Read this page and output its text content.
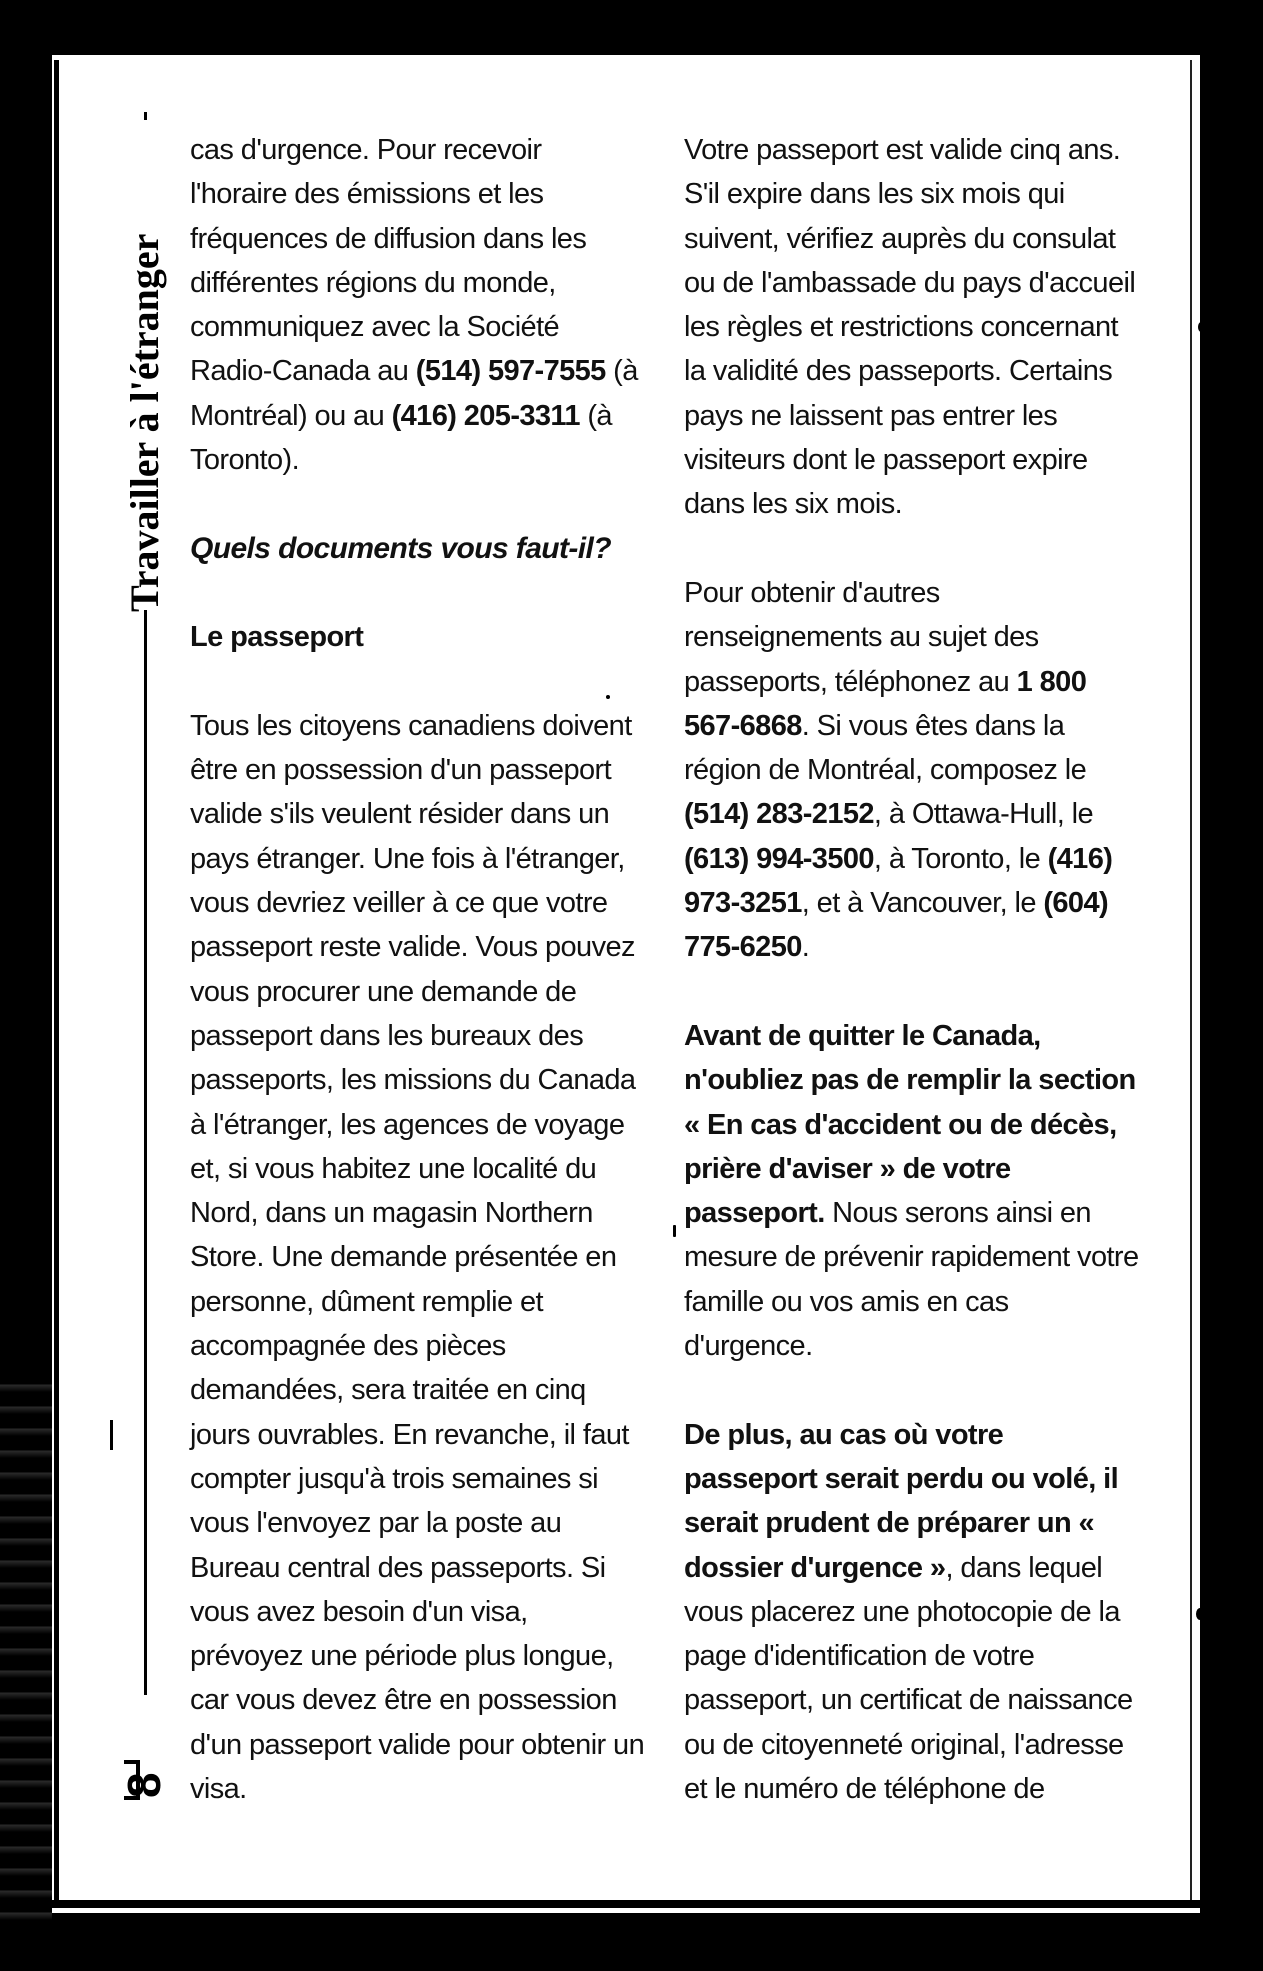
Travailler à l'étranger
8

cas d'urgence. Pour recevoir l'horaire des émissions et les fréquences de diffusion dans les différentes régions du monde, communiquez avec la Société Radio-Canada au (514) 597-7555 (à Montréal) ou au (416) 205-3311 (à Toronto).

Quels documents vous faut-il?
Le passeport

Tous les citoyens canadiens doivent être en possession d'un passeport valide s'ils veulent résider dans un pays étranger. Une fois à l'étranger, vous devriez veiller à ce que votre passeport reste valide. Vous pouvez vous procurer une demande de passeport dans les bureaux des passeports, les missions du Canada à l'étranger, les agences de voyage et, si vous habitez une localité du Nord, dans un magasin Northern Store. Une demande présentée en personne, dûment remplie et accompagnée des pièces demandées, sera traitée en cinq jours ouvrables. En revanche, il faut compter jusqu'à trois semaines si vous l'envoyez par la poste au Bureau central des passeports. Si vous avez besoin d'un visa, prévoyez une période plus longue, car vous devez être en possession d'un passeport valide pour obtenir un visa.

Votre passeport est valide cinq ans. S'il expire dans les six mois qui suivent, vérifiez auprès du consulat ou de l'ambassade du pays d'accueil les règles et restrictions concernant la validité des passeports. Certains pays ne laissent pas entrer les visiteurs dont le passeport expire dans les six mois.

Pour obtenir d'autres renseignements au sujet des passeports, téléphonez au 1 800 567-6868. Si vous êtes dans la région de Montréal, composez le (514) 283-2152, à Ottawa-Hull, le (613) 994-3500, à Toronto, le (416) 973-3251, et à Vancouver, le (604) 775-6250.

Avant de quitter le Canada, n'oubliez pas de remplir la section « En cas d'accident ou de décès, prière d'aviser » de votre passeport. Nous serons ainsi en mesure de prévenir rapidement votre famille ou vos amis en cas d'urgence.

De plus, au cas où votre passeport serait perdu ou volé, il serait prudent de préparer un « dossier d'urgence », dans lequel vous placerez une photocopie de la page d'identification de votre passeport, un certificat de naissance ou de citoyenneté original, l'adresse et le numéro de téléphone de
